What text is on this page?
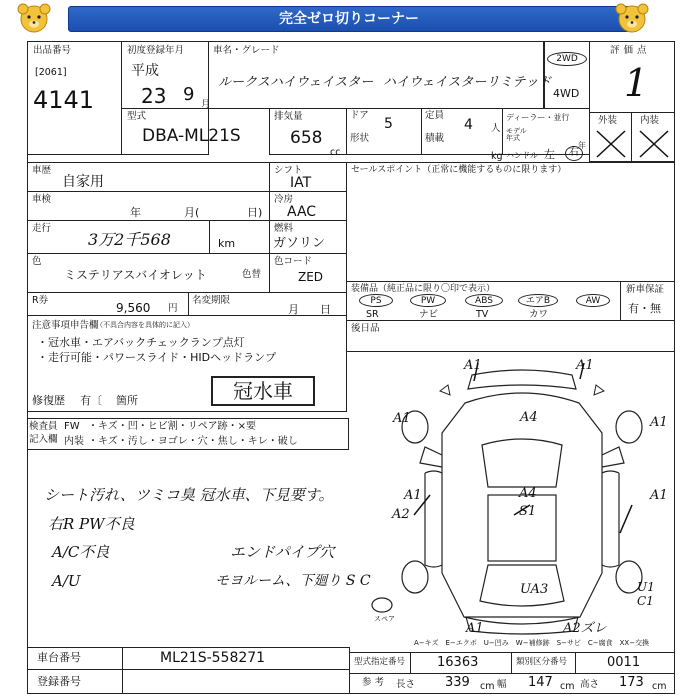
完全ゼロ切りコーナー
出品番号
[2061]
4141
初度登録年月
平成
23 9 月
車名・グレード
ルークスハイウェイスター ハイウェイスターリミテッド
2WD
4WD
評価点
1
型式
DBA-ML21S
排気量
658
cc
ドア
5
形状
定員
4 人
積載
kg
ディーラー・並行
モデル年式
年
ハンドル 左	右
外装 内装
車歴
自家用
車検
年	月(	日)
走行
3万2千568	km
色
ミステリアスバイオレット	色替
シフト
IAT
冷房
AAC
燃料
ガソリン
色コード
ZED
セールスポイント（正常に機能するものに限ります）
R券
9,560 円
名変期限
月 日
装備品（純正品に限り〇印で表示）
PS	PW	ABS	エアB	AW
SR	ナビ	TV	カワ
新車保証
有・無
後日品
注意事項申告欄
（不具合内容を具体的に記入）
・冠水車・エアバックチェックランプ点灯
・走行可能・パワースライド・HIDヘッドランプ
修復歴 有〔 箇所	冠水車
検査員
記入欄
FW ・キズ・凹・ヒビ割・リペア跡・×要
内装 ・キズ・汚し・ヨゴレ・穴・焦し・キレ・破し
シート汚れ、ツミコ臭 冠水車、下見要す。
右R PW不良
A/C不良	エンドパイプ穴
A/U	モヨルーム、下廻り S C
A1	A1
A1	A4	A1
A1
A4
S1
A1
A2
UA3	U1
C1
A1	A2ズレ
スペア
A−キズ　E−エクボ　U−凹み　W−補修跡　S−サビ　C−腐食　XX−交換
車台番号	ML21S-558271
登録番号
型式指定番号 16363	類別区分番号	0011
参 考 長さ 339 cm 幅 147 cm 高さ 173 cm
